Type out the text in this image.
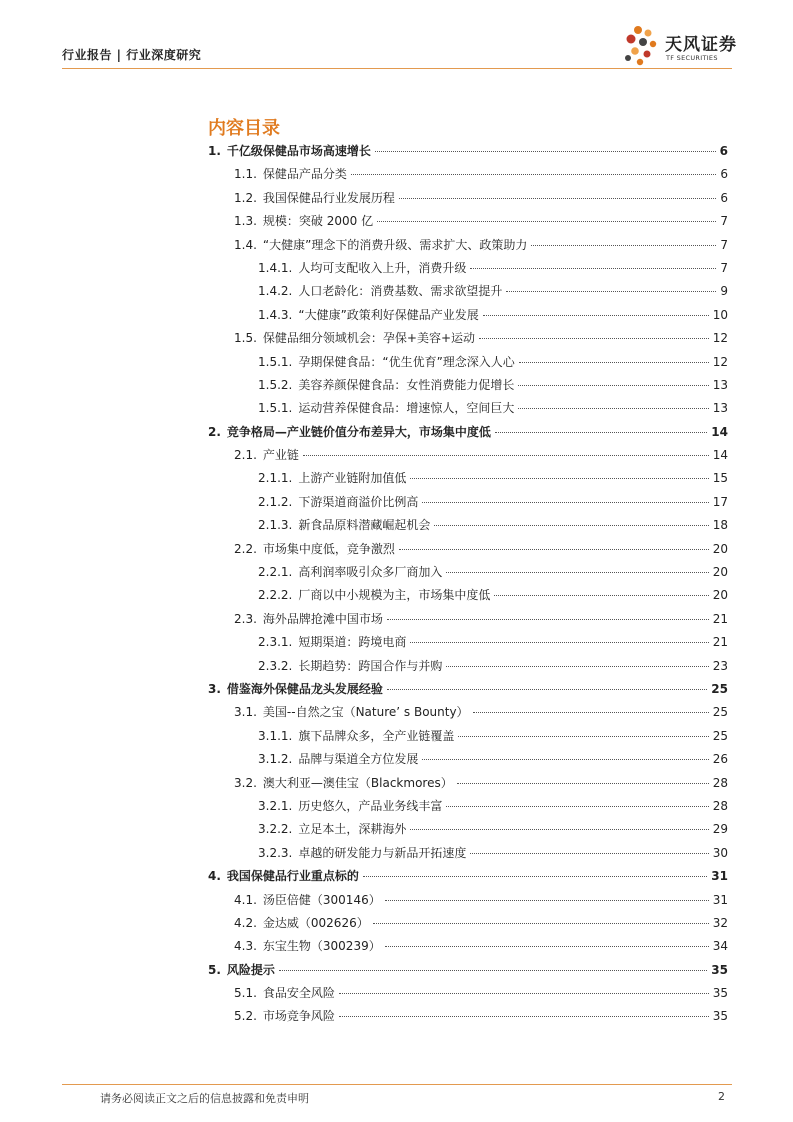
行业报告 | 行业深度研究	天风证券
TF SECURITIES
内容目录
1. 千亿级保健品市场高速增长	6
1.1. 保健品产品分类	6
1.2. 我国保健品行业发展历程	6
1.3. 规模：突破 2000 亿	7
1.4. “大健康”理念下的消费升级、需求扩大、政策助力	7
1.4.1. 人均可支配收入上升，消费升级	7
1.4.2. 人口老龄化：消费基数、需求欲望提升	9
1.4.3. “大健康”政策利好保健品产业发展	10
1.5. 保健品细分领域机会：孕保+美容+运动	12
1.5.1. 孕期保健食品：“优生优育”理念深入人心	12
1.5.2. 美容养颜保健食品：女性消费能力促增长	13
1.5.1. 运动营养保健食品：增速惊人，空间巨大	13
2. 竞争格局—产业链价值分布差异大，市场集中度低	14
2.1. 产业链	14
2.1.1. 上游产业链附加值低	15
2.1.2. 下游渠道商溢价比例高	17
2.1.3. 新食品原料潜藏崛起机会	18
2.2. 市场集中度低，竞争激烈	20
2.2.1. 高利润率吸引众多厂商加入	20
2.2.2. 厂商以中小规模为主，市场集中度低	20
2.3. 海外品牌抢滩中国市场	21
2.3.1. 短期渠道：跨境电商	21
2.3.2. 长期趋势：跨国合作与并购	23
3. 借鉴海外保健品龙头发展经验	25
3.1. 美国--自然之宝（Nature’ s Bounty）	25
3.1.1. 旗下品牌众多，全产业链覆盖	25
3.1.2. 品牌与渠道全方位发展	26
3.2. 澳大利亚—澳佳宝（Blackmores）	28
3.2.1. 历史悠久，产品业务线丰富	28
3.2.2. 立足本土，深耕海外	29
3.2.3. 卓越的研发能力与新品开拓速度	30
4. 我国保健品行业重点标的	31
4.1. 汤臣倍健（300146）	31
4.2. 金达威（002626）	32
4.3. 东宝生物（300239）	34
5. 风险提示	35
5.1. 食品安全风险	35
5.2. 市场竞争风险	35
请务必阅读正文之后的信息披露和免责申明	2
